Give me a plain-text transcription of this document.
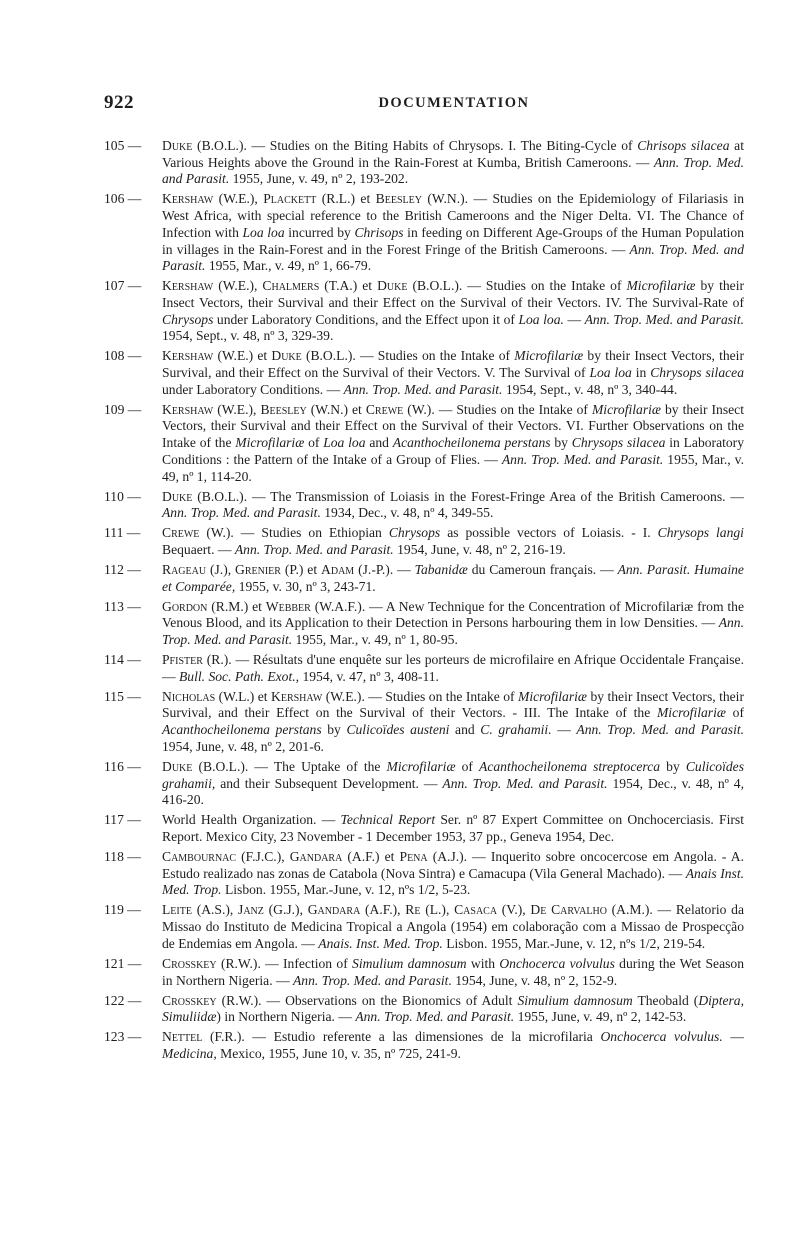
922	DOCUMENTATION
105 —	Duke (B.O.L.). — Studies on the Biting Habits of Chrysops. I. The Biting-Cycle of Chrisops silacea at Various Heights above the Ground in the Rain-Forest at Kumba, British Cameroons. — Ann. Trop. Med. and Parasit. 1955, June, v. 49, nº 2, 193-202.
106 —	Kershaw (W.E.), Plackett (R.L.) et Beesley (W.N.). — Studies on the Epidemiology of Filariasis in West Africa, with special reference to the British Cameroons and the Niger Delta. VI. The Chance of Infection with Loa loa incurred by Chrisops in feeding on Different Age-Groups of the Human Population in villages in the Rain-Forest and in the Forest Fringe of the British Cameroons. — Ann. Trop. Med. and Parasit. 1955, Mar., v. 49, nº 1, 66-79.
107 —	Kershaw (W.E.), Chalmers (T.A.) et Duke (B.O.L.). — Studies on the Intake of Microfilariæ by their Insect Vectors, their Survival and their Effect on the Survival of their Vectors. IV. The Survival-Rate of Chrysops under Laboratory Conditions, and the Effect upon it of Loa loa. — Ann. Trop. Med. and Parasit. 1954, Sept., v. 48, nº 3, 329-39.
108 —	Kershaw (W.E.) et Duke (B.O.L.). — Studies on the Intake of Microfilariæ by their Insect Vectors, their Survival, and their Effect on the Survival of their Vectors. V. The Survival of Loa loa in Chrysops silacea under Laboratory Conditions. — Ann. Trop. Med. and Parasit. 1954, Sept., v. 48, nº 3, 340-44.
109 —	Kershaw (W.E.), Beesley (W.N.) et Crewe (W.). — Studies on the Intake of Microfilariæ by their Insect Vectors, their Survival and their Effect on the Survival of their Vectors. VI. Further Observations on the Intake of the Microfilariæ of Loa loa and Acanthocheilonema perstans by Chrysops silacea in Laboratory Conditions : the Pattern of the Intake of a Group of Flies. — Ann. Trop. Med. and Parasit. 1955, Mar., v. 49, nº 1, 114-20.
110 —	Duke (B.O.L.). — The Transmission of Loiasis in the Forest-Fringe Area of the British Cameroons. — Ann. Trop. Med. and Parasit. 1934, Dec., v. 48, nº 4, 349-55.
111 —	Crewe (W.). — Studies on Ethiopian Chrysops as possible vectors of Loiasis. - I. Chrysops langi Bequaert. — Ann. Trop. Med. and Parasit. 1954, June, v. 48, nº 2, 216-19.
112 —	Rageau (J.), Grenier (P.) et Adam (J.-P.). — Tabanidæ du Cameroun français. — Ann. Parasit. Humaine et Comparée, 1955, v. 30, nº 3, 243-71.
113 —	Gordon (R.M.) et Webber (W.A.F.). — A New Technique for the Concentration of Microfilariæ from the Venous Blood, and its Application to their Detection in Persons harbouring them in low Densities. — Ann. Trop. Med. and Parasit. 1955, Mar., v. 49, nº 1, 80-95.
114 —	Pfister (R.). — Résultats d'une enquête sur les porteurs de microfilaire en Afrique Occidentale Française. — Bull. Soc. Path. Exot., 1954, v. 47, nº 3, 408-11.
115 —	Nicholas (W.L.) et Kershaw (W.E.). — Studies on the Intake of Microfilariæ by their Insect Vectors, their Survival, and their Effect on the Survival of their Vectors. - III. The Intake of the Microfilariæ of Acanthocheilonema perstans by Culicoïdes austeni and C. grahamii. — Ann. Trop. Med. and Parasit. 1954, June, v. 48, nº 2, 201-6.
116 —	Duke (B.O.L.). — The Uptake of the Microfilariæ of Acanthocheilonema streptocerca by Culicoïdes grahamii, and their Subsequent Development. — Ann. Trop. Med. and Parasit. 1954, Dec., v. 48, nº 4, 416-20.
117 —	World Health Organization. — Technical Report Ser. nº 87 Expert Committee on Onchocerciasis. First Report. Mexico City, 23 November - 1 December 1953, 37 pp., Geneva 1954, Dec.
118 —	Cambournac (F.J.C.), Gandara (A.F.) et Pena (A.J.). — Inquerito sobre oncocercose em Angola. - A. Estudo realizado nas zonas de Catabola (Nova Sintra) e Camacupa (Vila General Machado). — Anais Inst. Med. Trop. Lisbon. 1955, Mar.-June, v. 12, nºs 1/2, 5-23.
119 —	Leite (A.S.), Janz (G.J.), Gandara (A.F.), Re (L.), Casaca (V.), De Carvalho (A.M.). — Relatorio da Missao do Instituto de Medicina Tropical a Angola (1954) em colaboração com a Missao de Prospecção de Endemias em Angola. — Anais. Inst. Med. Trop. Lisbon. 1955, Mar.-June, v. 12, nºs 1/2, 219-54.
121 —	Crosskey (R.W.). — Infection of Simulium damnosum with Onchocerca volvulus during the Wet Season in Northern Nigeria. — Ann. Trop. Med. and Parasit. 1954, June, v. 48, nº 2, 152-9.
122 —	Crosskey (R.W.). — Observations on the Bionomics of Adult Simulium damnosum Theobald (Diptera, Simuliidæ) in Northern Nigeria. — Ann. Trop. Med. and Parasit. 1955, June, v. 49, nº 2, 142-53.
123 —	Nettel (F.R.). — Estudio referente a las dimensiones de la microfilaria Onchocerca volvulus. — Medicina, Mexico, 1955, June 10, v. 35, nº 725, 241-9.
